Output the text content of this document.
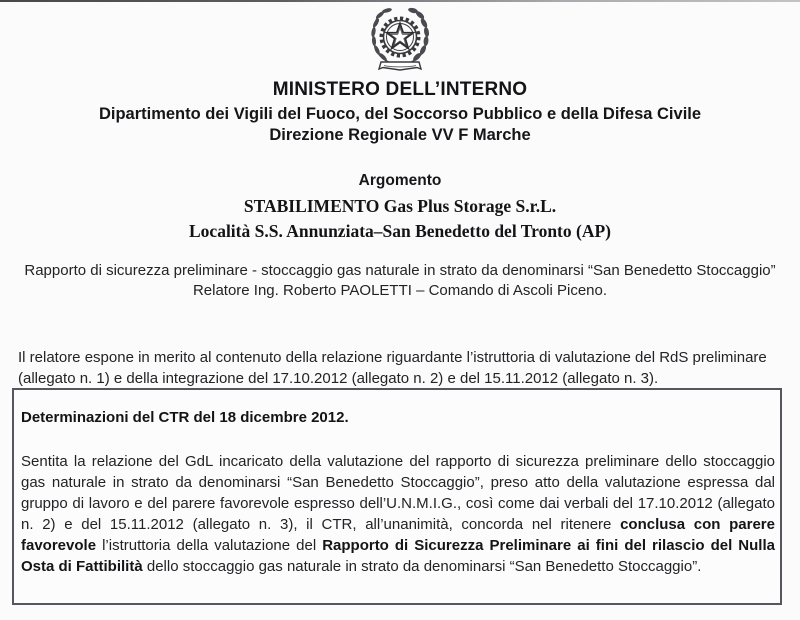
MINISTERO DELL’INTERNO
Dipartimento dei Vigili del Fuoco, del Soccorso Pubblico e della Difesa Civile
Direzione Regionale VV F Marche
Argomento
STABILIMENTO Gas Plus Storage S.r.L.
Località S.S. Annunziata–San Benedetto del Tronto (AP)
Rapporto di sicurezza preliminare - stoccaggio gas naturale in strato da denominarsi “San Benedetto Stoccaggio”
Relatore Ing. Roberto PAOLETTI – Comando di Ascoli Piceno.

Il relatore espone in merito al contenuto della relazione riguardante l’istruttoria di valutazione del RdS preliminare (allegato n. 1) e della integrazione del 17.10.2012 (allegato n. 2) e del 15.11.2012 (allegato n. 3).

Determinazioni del CTR del 18 dicembre 2012.

Sentita la relazione del GdL incaricato della valutazione del rapporto di sicurezza preliminare dello stoccaggio gas naturale in strato da denominarsi “San Benedetto Stoccaggio”, preso atto della valutazione espressa dal gruppo di lavoro e del parere favorevole espresso dell’U.N.M.I.G., così come dai verbali del 17.10.2012 (allegato n. 2) e del 15.11.2012 (allegato n. 3), il CTR, all’unanimità, concorda nel ritenere conclusa con parere favorevole l’istruttoria della valutazione del Rapporto di Sicurezza Preliminare ai fini del rilascio del Nulla Osta di Fattibilità dello stoccaggio gas naturale in strato da denominarsi “San Benedetto Stoccaggio”.
